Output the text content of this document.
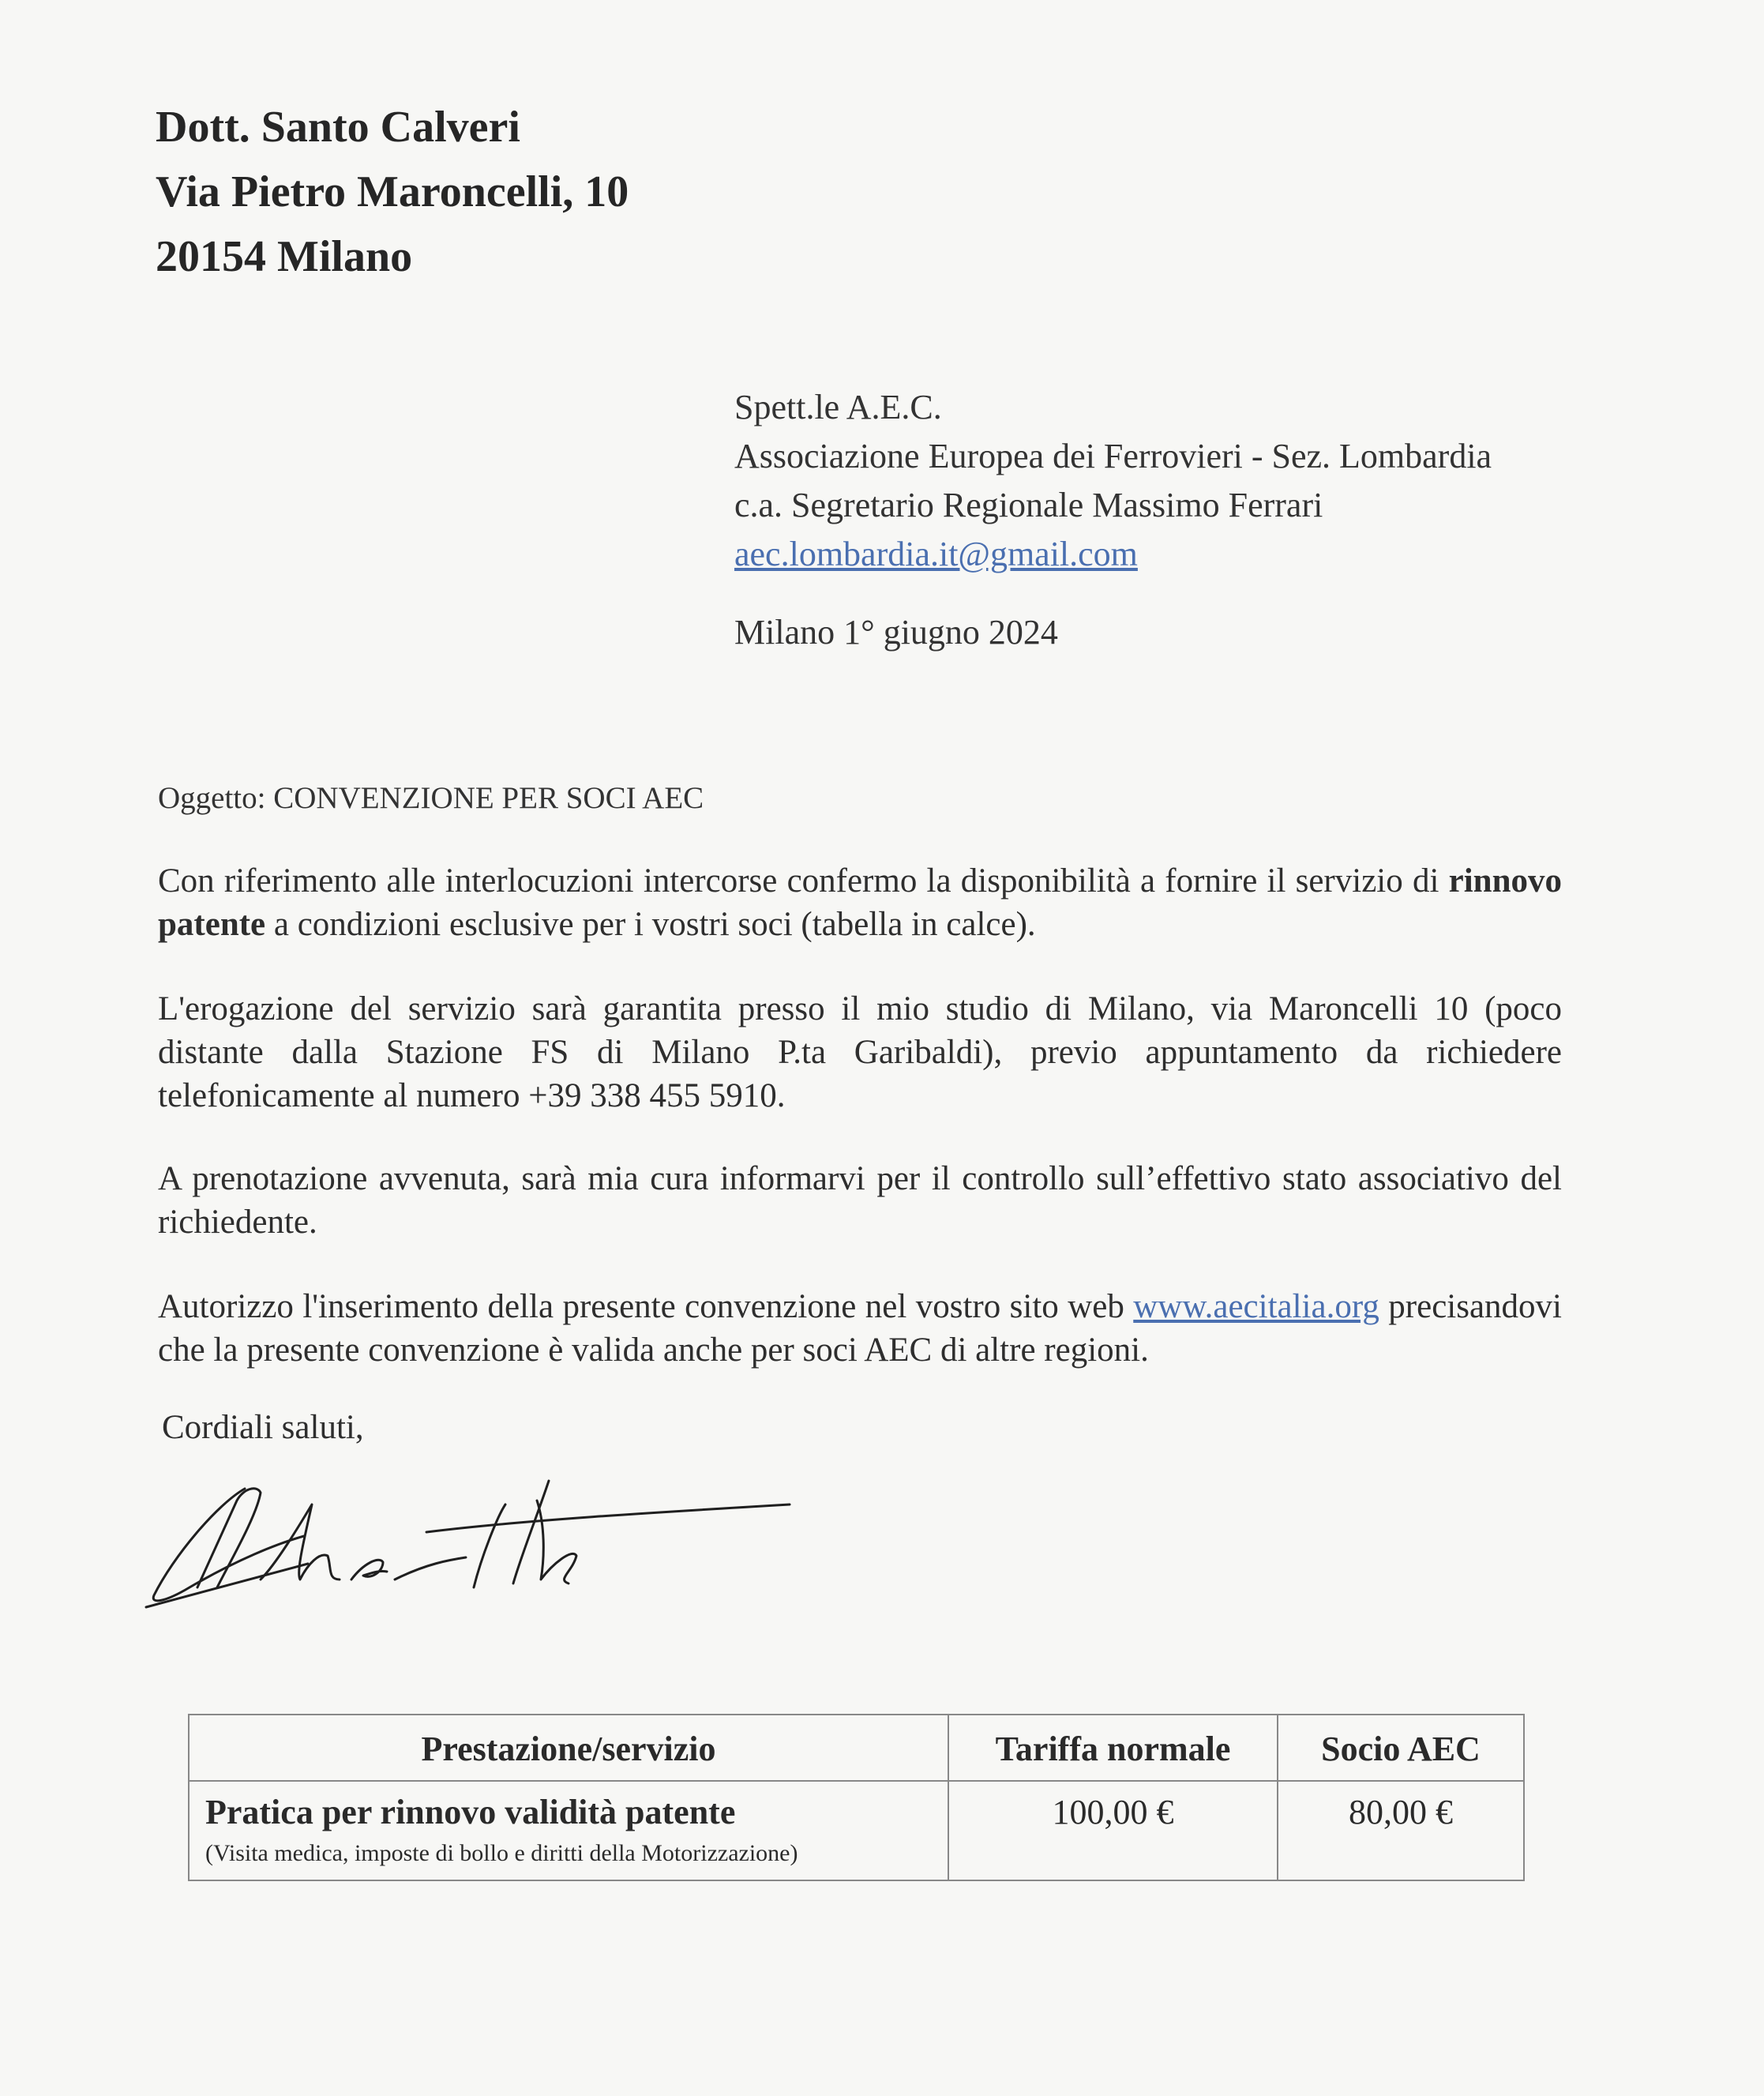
Dott. Santo Calveri
Via Pietro Maroncelli, 10
20154 Milano
Spett.le A.E.C.
Associazione Europea dei Ferrovieri - Sez. Lombardia
c.a. Segretario Regionale Massimo Ferrari
aec.lombardia.it@gmail.com
Milano 1° giugno 2024
Oggetto: CONVENZIONE PER SOCI AEC

Con riferimento alle interlocuzioni intercorse confermo la disponibilità a fornire il servizio di rinnovo patente a condizioni esclusive per i vostri soci (tabella in calce).

L'erogazione del servizio sarà garantita presso il mio studio di Milano, via Maroncelli 10 (poco distante dalla Stazione FS di Milano P.ta Garibaldi), previo appuntamento da richiedere telefonicamente al numero +39 338 455 5910.

A prenotazione avvenuta, sarà mia cura informarvi per il controllo sull’effettivo stato associativo del richiedente.

Autorizzo l'inserimento della presente convenzione nel vostro sito web www.aecitalia.org precisandovi che la presente convenzione è valida anche per soci AEC di altre regioni.

Cordiali saluti,
Prestazione/servizio	Tariffa normale	Socio AEC

Pratica per rinnovo validità patente
(Visita medica, imposte di bollo e diritti della Motorizzazione)	100,00 €	80,00 €
